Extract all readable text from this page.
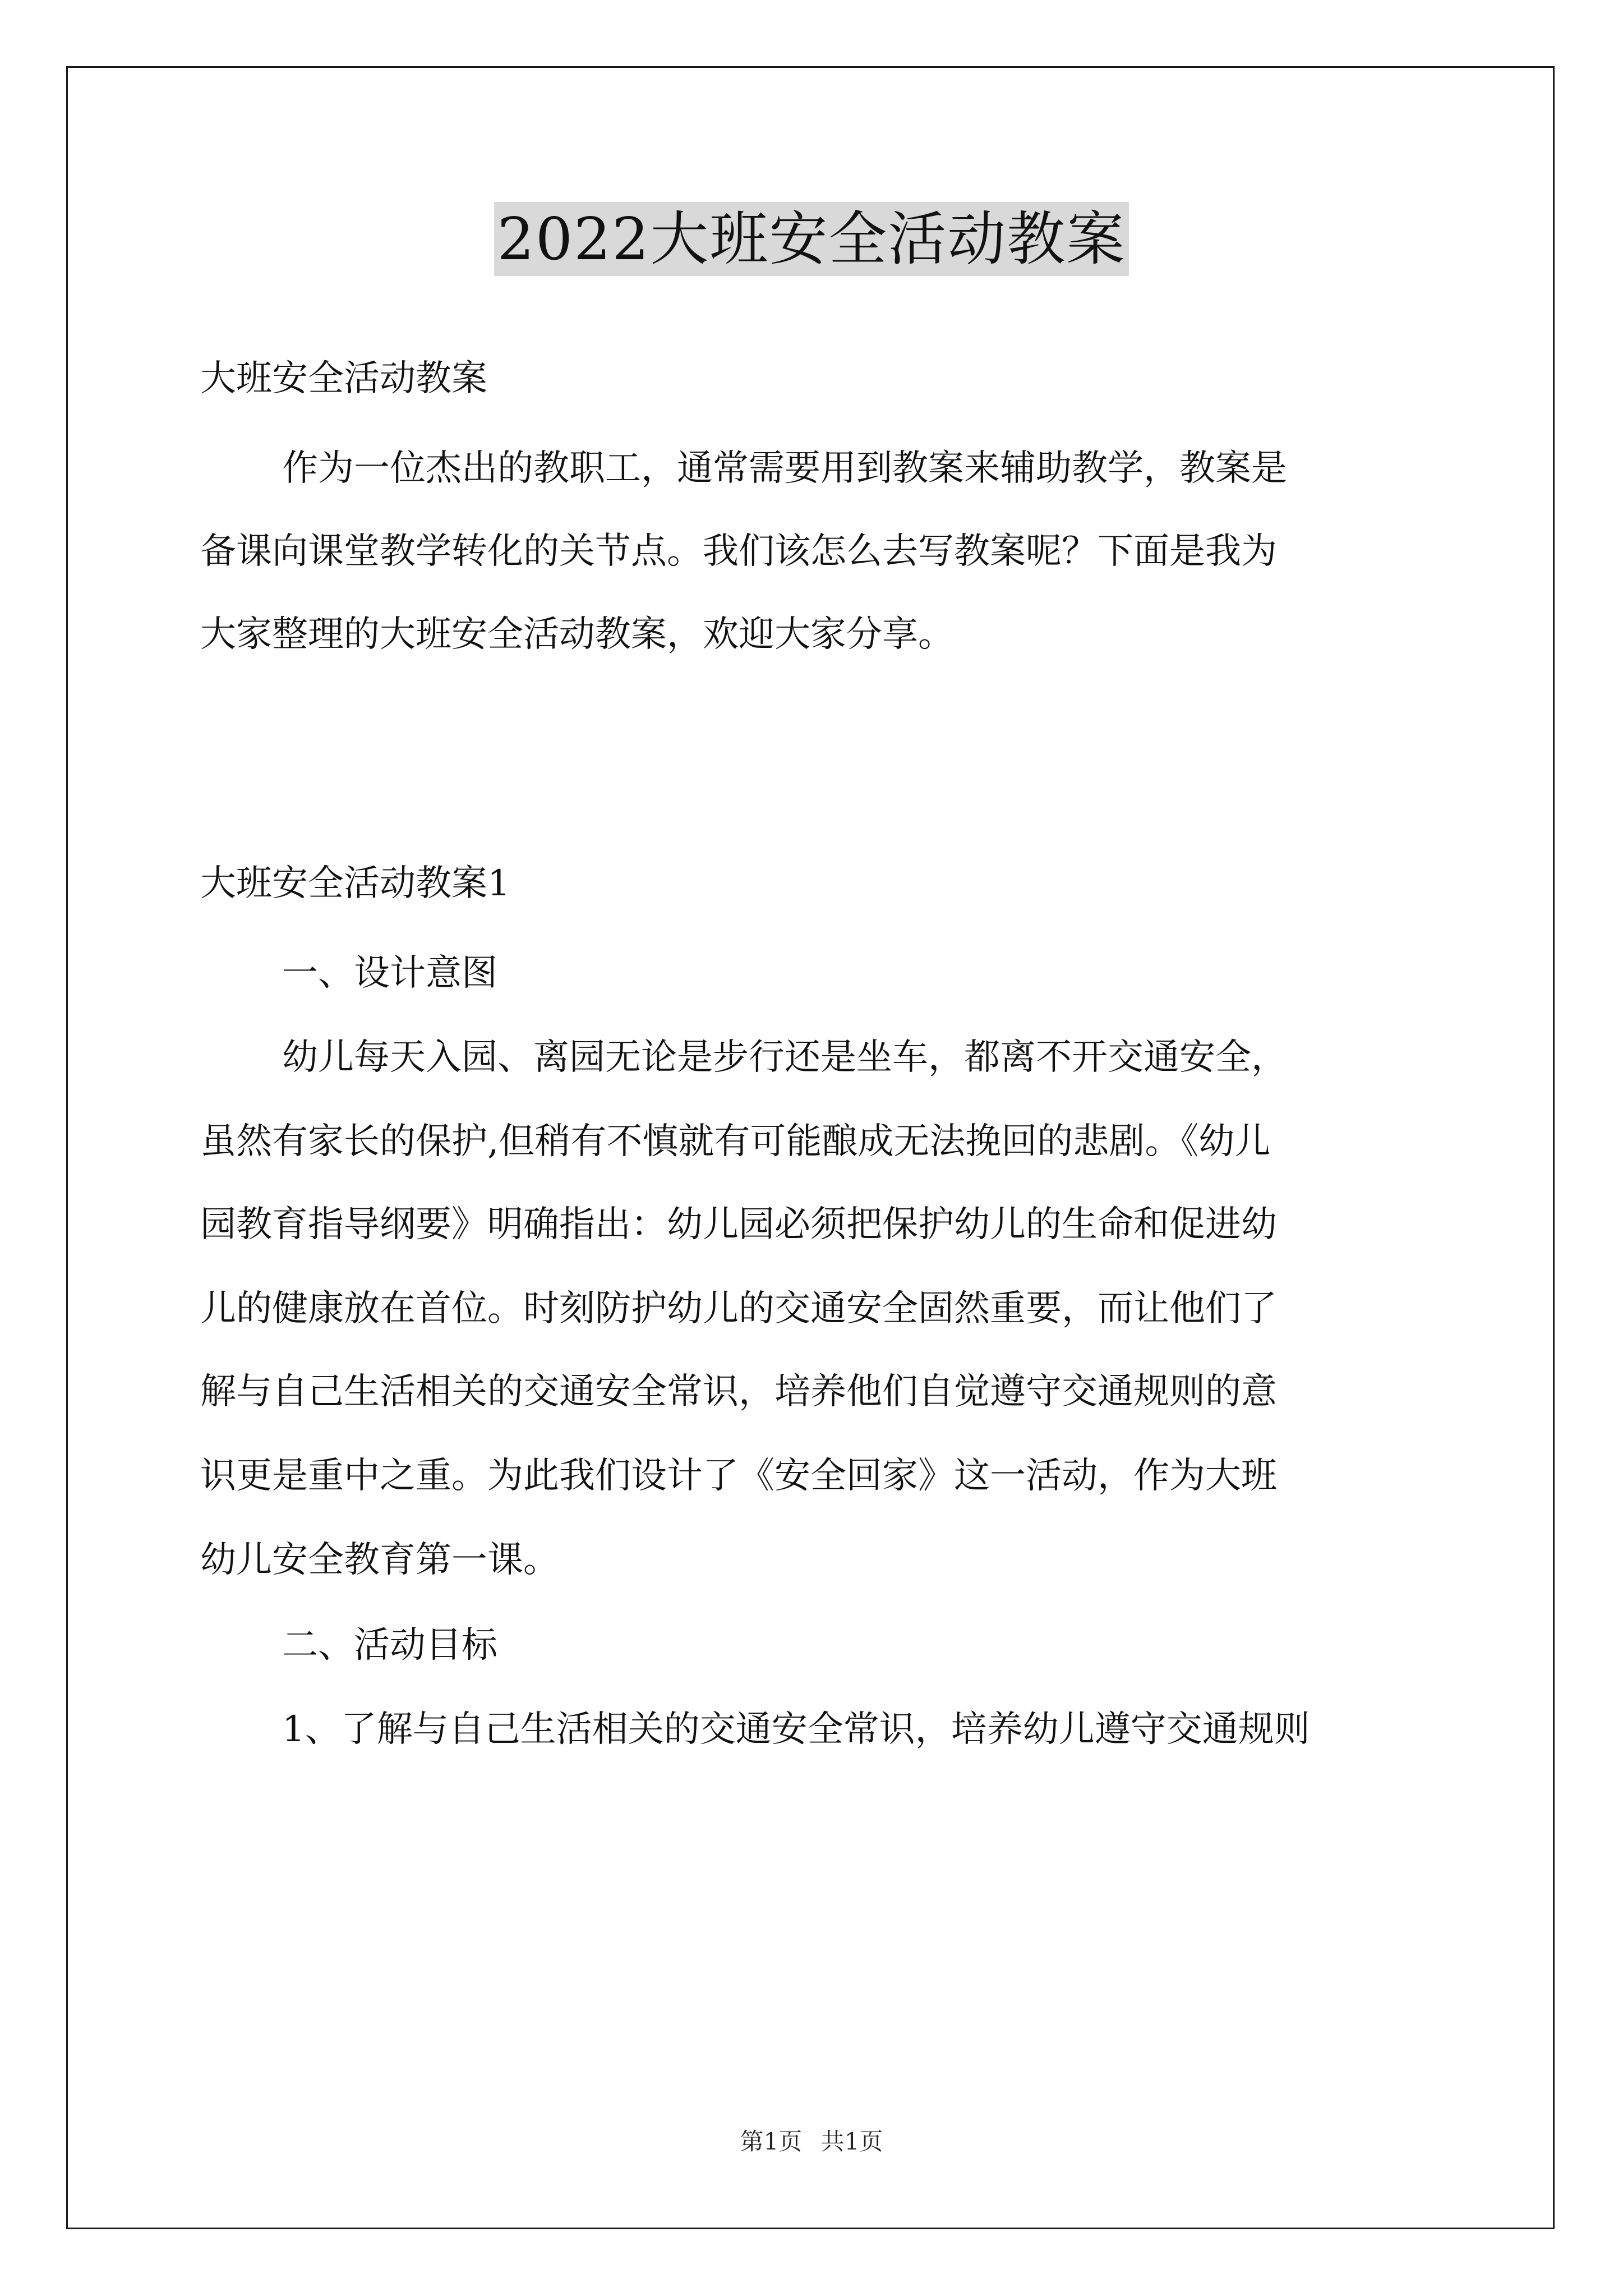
2022大班安全活动教案
大班安全活动教案
作为一位杰出的教职工，通常需要用到教案来辅助教学，教案是
备课向课堂教学转化的关节点。我们该怎么去写教案呢？下面是我为
大家整理的大班安全活动教案，欢迎大家分享。
大班安全活动教案1
一、设计意图
幼儿每天入园、离园无论是步行还是坐车，都离不开交通安全，
虽然有家长的保护,但稍有不慎就有可能酿成无法挽回的悲剧。《幼儿
园教育指导纲要》明确指出：幼儿园必须把保护幼儿的生命和促进幼
儿的健康放在首位。时刻防护幼儿的交通安全固然重要，而让他们了
解与自己生活相关的交通安全常识，培养他们自觉遵守交通规则的意
识更是重中之重。为此我们设计了《安全回家》这一活动，作为大班
幼儿安全教育第一课。
二、活动目标
1、了解与自己生活相关的交通安全常识，培养幼儿遵守交通规则
第1页 共1页
